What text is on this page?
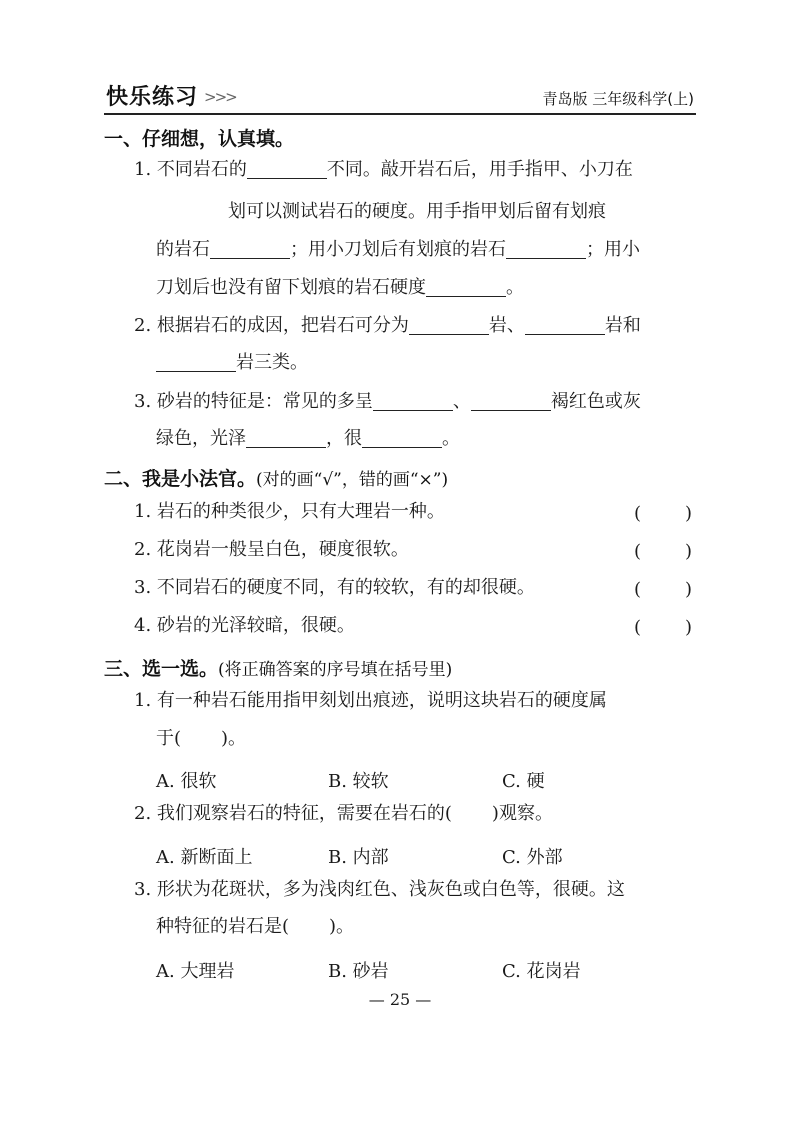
快乐练习 >>>	青岛版 三年级科学(上)
一、仔细想，认真填。
1. 不同岩石的	不同。敲开岩石后，用手指甲、小刀在
划可以测试岩石的硬度。用手指甲划后留有划痕
的岩石	；用小刀划后有划痕的岩石	；用小
刀划后也没有留下划痕的岩石硬度	。
2. 根据岩石的成因，把岩石可分为	岩、	岩和
岩三类。
3. 砂岩的特征是：常见的多呈	、	褐红色或灰
绿色，光泽	，很	。
二、我是小法官。(对的画“√”，错的画“×”)
1. 岩石的种类很少，只有大理岩一种。	( )
2. 花岗岩一般呈白色，硬度很软。	( )
3. 不同岩石的硬度不同，有的较软，有的却很硬。	( )
4. 砂岩的光泽较暗，很硬。	( )
三、选一选。(将正确答案的序号填在括号里)
1. 有一种岩石能用指甲刻划出痕迹，说明这块岩石的硬度属
于( )。
A. 很软	B. 较软	C. 硬
2. 我们观察岩石的特征，需要在岩石的( )观察。
A. 新断面上	B. 内部	C. 外部
3. 形状为花斑状，多为浅肉红色、浅灰色或白色等，很硬。这
种特征的岩石是( )。
A. 大理岩	B. 砂岩	C. 花岗岩
— 25 —
